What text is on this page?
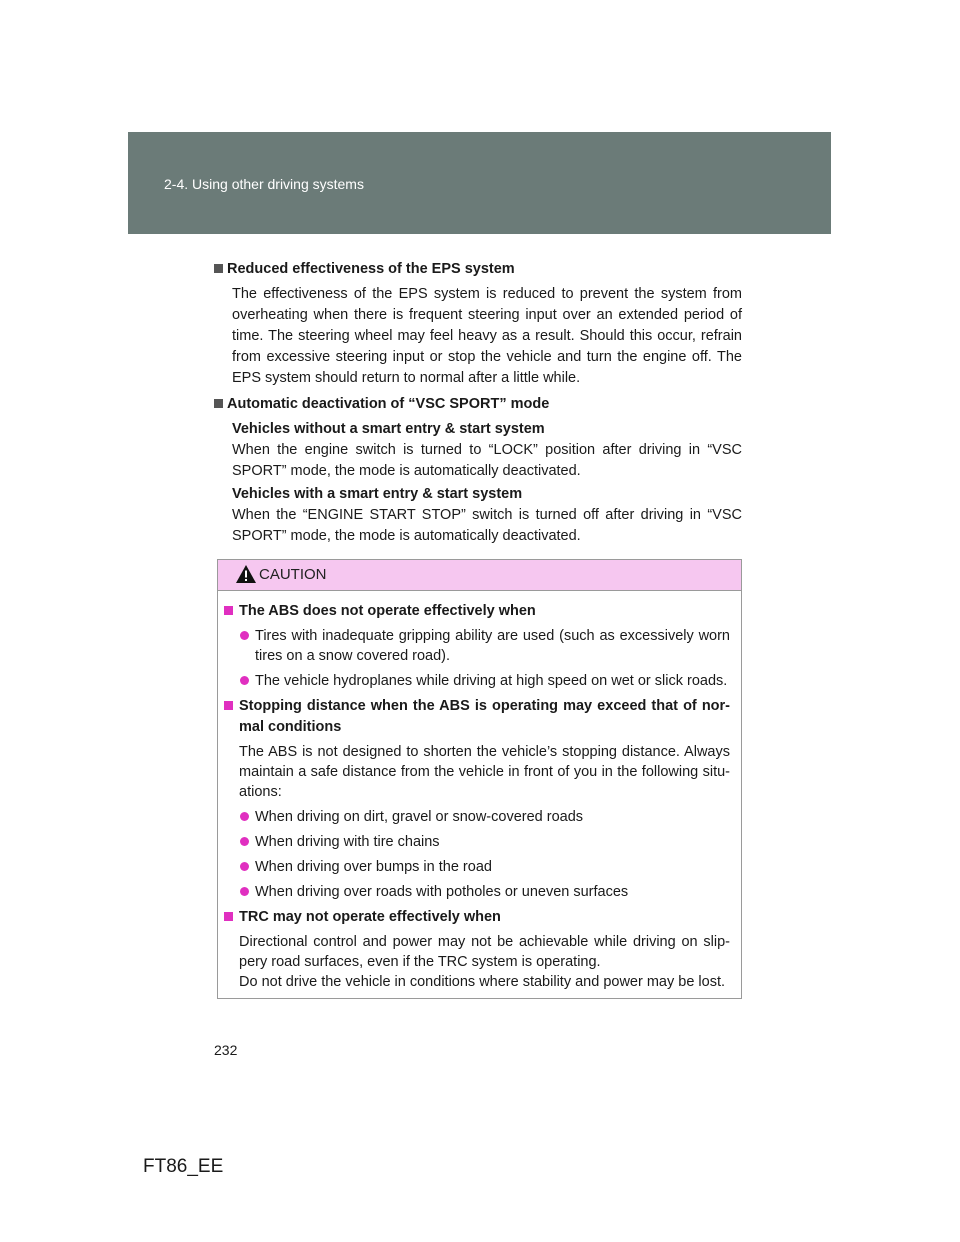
2-4. Using other driving systems
Reduced effectiveness of the EPS system
The effectiveness of the EPS system is reduced to prevent the system from overheating when there is frequent steering input over an extended period of time. The steering wheel may feel heavy as a result. Should this occur, refrain from excessive steering input or stop the vehicle and turn the engine off. The EPS system should return to normal after a little while.
Automatic deactivation of “VSC SPORT” mode
Vehicles without a smart entry & start system
When the engine switch is turned to “LOCK” position after driving in “VSC SPORT” mode, the mode is automatically deactivated.
Vehicles with a smart entry & start system
When the “ENGINE START STOP” switch is turned off after driving in “VSC SPORT” mode, the mode is automatically deactivated.
CAUTION
The ABS does not operate effectively when
Tires with inadequate gripping ability are used (such as excessively worn tires on a snow covered road).
The vehicle hydroplanes while driving at high speed on wet or slick roads.
Stopping distance when the ABS is operating may exceed that of nor-mal conditions
The ABS is not designed to shorten the vehicle’s stopping distance. Always maintain a safe distance from the vehicle in front of you in the following situ-ations:
When driving on dirt, gravel or snow-covered roads
When driving with tire chains
When driving over bumps in the road
When driving over roads with potholes or uneven surfaces
TRC may not operate effectively when
Directional control and power may not be achievable while driving on slip-pery road surfaces, even if the TRC system is operating.
Do not drive the vehicle in conditions where stability and power may be lost.
232
FT86_EE
